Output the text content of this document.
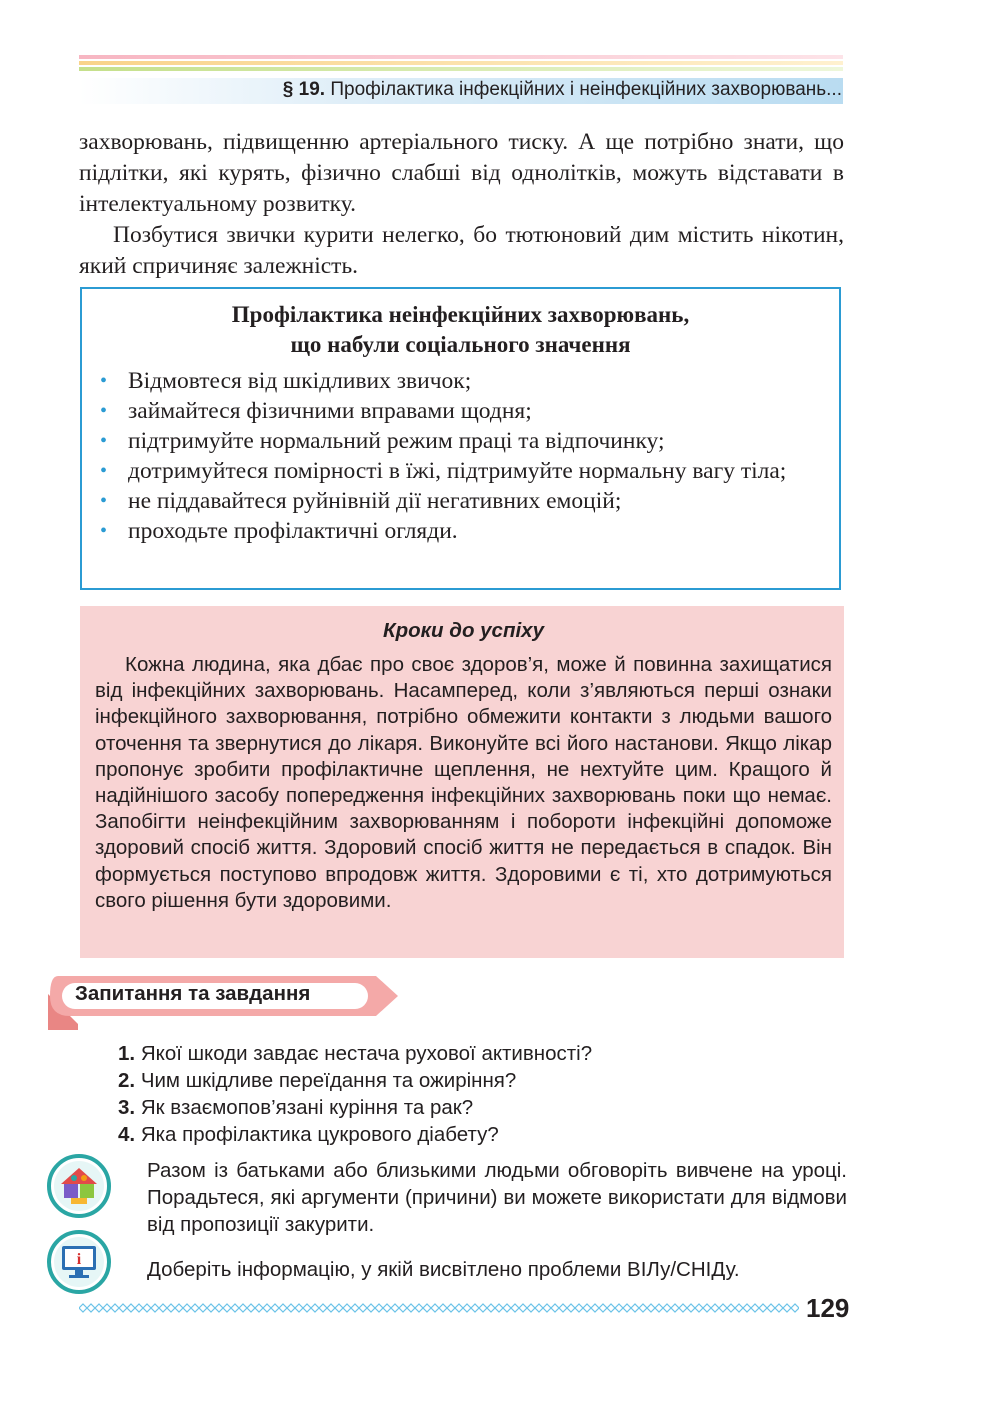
§ 19. Профілактика інфекційних і неінфекційних захворювань...

захворювань, підвищенню артеріального тиску. А ще потрібно знати, що підлітки, які курять, фізично слабші від однолітків, можуть відставати в інтелектуальному розвитку.

Позбутися звички курити нелегко, бо тютюновий дим містить нікотин, який спричиняє залежність.

Профілактика неінфекційних захворювань,
що набули соціального значення
• Відмовтеся від шкідливих звичок;
• займайтеся фізичними вправами щодня;
• підтримуйте нормальний режим праці та відпочинку;
• дотримуйтеся помірності в їжі, підтримуйте нормальну вагу тіла;
• не піддавайтеся руйнівній дії негативних емоцій;
• проходьте профілактичні огляди.
Кроки до успіху

Кожна людина, яка дбає про своє здоров’я, може й повинна захищатися від інфекційних захворювань. Насамперед, коли з’являються перші ознаки інфекційного захворювання, потрібно обмежити контакти з людьми вашого оточення та звернутися до лікаря. Виконуйте всі його настанови. Якщо лікар пропонує зробити профілактичне щеплення, не нехтуйте цим. Кращого й надійнішого засобу попередження інфекційних захворювань поки що немає. Запобігти неінфекційним захворюванням і побороти інфекційні допоможе здоровий спосіб життя. Здоровий спосіб життя не передається в спадок. Він формується поступово впродовж життя. Здоровими є ті, хто дотримуються свого рішення бути здоровими.

Запитання та завдання
1. Якої шкоди завдає нестача рухової активності?
2. Чим шкідливе переїдання та ожиріння?
3. Як взаємопов’язані куріння та рак?
4. Яка профілактика цукрового діабету?
Разом із батьками або близькими людьми обговоріть вивчене на уроці. Порадьтеся, які аргументи (причини) ви можете використати для відмови від пропозиції закурити.
i	Доберіть інформацію, у якій висвітлено проблеми ВІЛу/СНІДу.
129
